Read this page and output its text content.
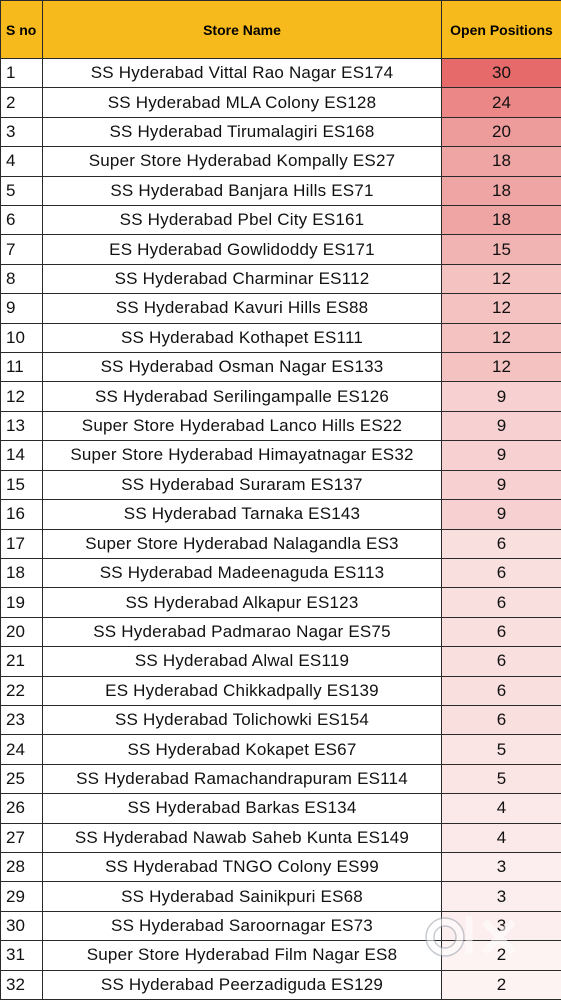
S no	Store Name	Open Positions
1	SS Hyderabad Vittal Rao Nagar ES174	30
2	SS Hyderabad MLA Colony ES128	24
3	SS Hyderabad Tirumalagiri ES168	20
4	Super Store Hyderabad Kompally ES27	18
5	SS Hyderabad Banjara Hills ES71	18
6	SS Hyderabad Pbel City ES161	18
7	ES Hyderabad Gowlidoddy ES171	15
8	SS Hyderabad Charminar ES112	12
9	SS Hyderabad Kavuri Hills ES88	12
10	SS Hyderabad Kothapet ES111	12
11	SS Hyderabad Osman Nagar ES133	12
12	SS Hyderabad Serilingampalle ES126	9
13	Super Store Hyderabad Lanco Hills ES22	9
14	Super Store Hyderabad Himayatnagar ES32	9
15	SS Hyderabad Suraram ES137	9
16	SS Hyderabad Tarnaka ES143	9
17	Super Store Hyderabad Nalagandla ES3	6
18	SS Hyderabad Madeenaguda ES113	6
19	SS Hyderabad Alkapur ES123	6
20	SS Hyderabad Padmarao Nagar ES75	6
21	SS Hyderabad Alwal ES119	6
22	ES Hyderabad Chikkadpally ES139	6
23	SS Hyderabad Tolichowki ES154	6
24	SS Hyderabad Kokapet ES67	5
25	SS Hyderabad Ramachandrapuram ES114	5
26	SS Hyderabad Barkas ES134	4
27	SS Hyderabad Nawab Saheb Kunta ES149	4
28	SS Hyderabad TNGO Colony ES99	3
29	SS Hyderabad Sainikpuri ES68	3
30	SS Hyderabad Saroornagar ES73	3
31	Super Store Hyderabad Film Nagar ES8	2
32	SS Hyderabad Peerzadiguda ES129	2
